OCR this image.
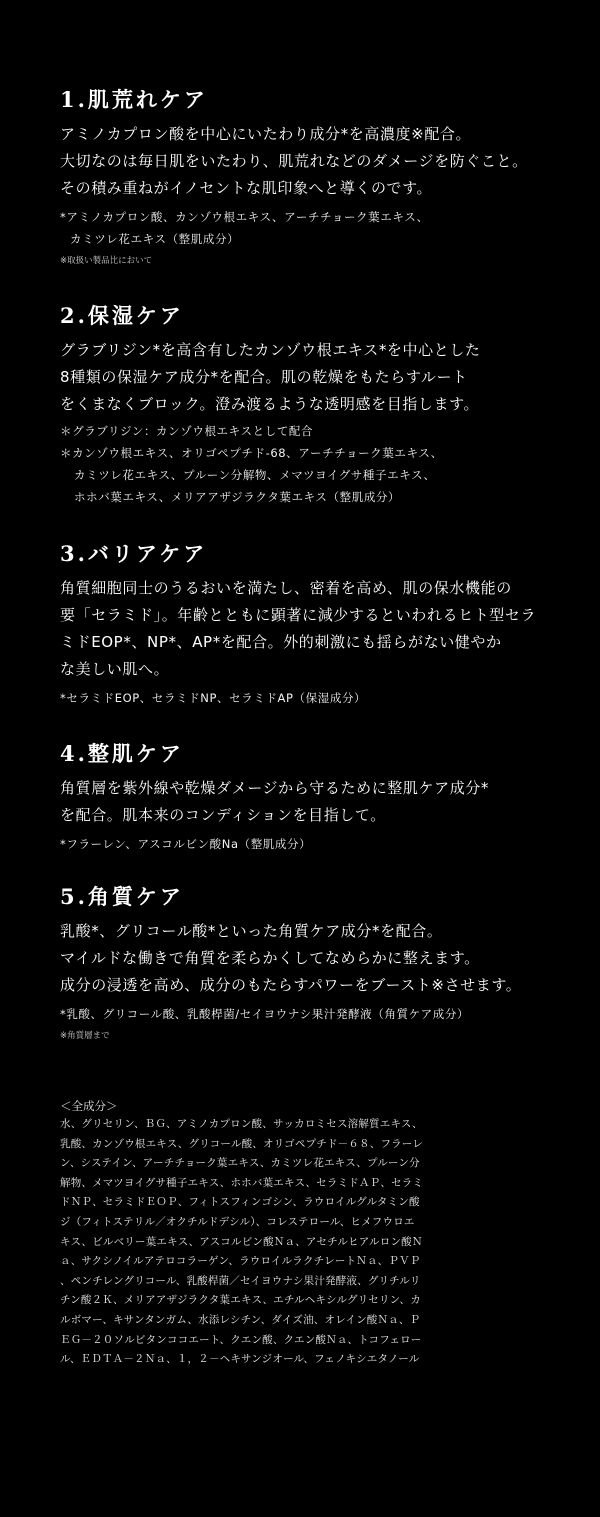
1.肌荒れケア

アミノカプロン酸を中心にいたわり成分*を高濃度※配合。

大切なのは毎日肌をいたわり、肌荒れなどのダメージを防ぐこと。

その積み重ねがイノセントな肌印象へと導くのです。

*アミノカプロン酸、カンゾウ根エキス、アーチチョーク葉エキス、

カミツレ花エキス（整肌成分）

※取扱い製品比において

2.保湿ケア

グラブリジン*を高含有したカンゾウ根エキス*を中心とした

8種類の保湿ケア成分*を配合。肌の乾燥をもたらすルート

をくまなくブロック。澄み渡るような透明感を目指します。

＊グラブリジン：カンゾウ根エキスとして配合

＊カンゾウ根エキス、オリゴペプチド-68、アーチチョーク葉エキス、

カミツレ花エキス、プルーン分解物、メマツヨイグサ種子エキス、

ホホバ葉エキス、メリアアザジラクタ葉エキス（整肌成分）

3.バリアケア

角質細胞同士のうるおいを満たし、密着を高め、肌の保水機能の

要「セラミド」。年齢とともに顕著に減少するといわれるヒト型セラ

ミドEOP*、NP*、AP*を配合。外的刺激にも揺らがない健やか

な美しい肌へ。

*セラミドEOP、セラミドNP、セラミドAP（保湿成分）

4.整肌ケア

角質層を紫外線や乾燥ダメージから守るために整肌ケア成分*

を配合。肌本来のコンディションを目指して。

*フラーレン、アスコルビン酸Na（整肌成分）

5.角質ケア

乳酸*、グリコール酸*といった角質ケア成分*を配合。

マイルドな働きで角質を柔らかくしてなめらかに整えます。

成分の浸透を高め、成分のもたらすパワーをブースト※させます。

*乳酸、グリコール酸、乳酸桿菌/セイヨウナシ果汁発酵液（角質ケア成分）

※角質層まで

＜全成分＞

水、グリセリン、ＢＧ、アミノカプロン酸、サッカロミセス溶解質エキス、

乳酸、カンゾウ根エキス、グリコール酸、オリゴペプチド－６８、フラーレ

ン、システイン、アーチチョーク葉エキス、カミツレ花エキス、プルーン分

解物、メマツヨイグサ種子エキス、ホホバ葉エキス、セラミドＡＰ、セラミ

ドＮＰ、セラミドＥＯＰ、フィトスフィンゴシン、ラウロイルグルタミン酸

ジ（フィトステリル／オクチルドデシル）、コレステロール、ヒメフウロエ

キス、ビルベリー葉エキス、アスコルビン酸Ｎａ、アセチルヒアルロン酸Ｎ

ａ、サクシノイルアテロコラーゲン、ラウロイルラクチレートＮａ、ＰＶＰ

、ペンチレングリコール、乳酸桿菌／セイヨウナシ果汁発酵液、グリチルリ

チン酸２Ｋ、メリアアザジラクタ葉エキス、エチルヘキシルグリセリン、カ

ルボマー、キサンタンガム、水添レシチン、ダイズ油、オレイン酸Ｎａ、Ｐ

ＥＧ－２０ソルビタンココエート、クエン酸、クエン酸Ｎａ、トコフェロー

ル、ＥＤＴＡ－２Ｎａ、１，２－ヘキサンジオール、フェノキシエタノール
